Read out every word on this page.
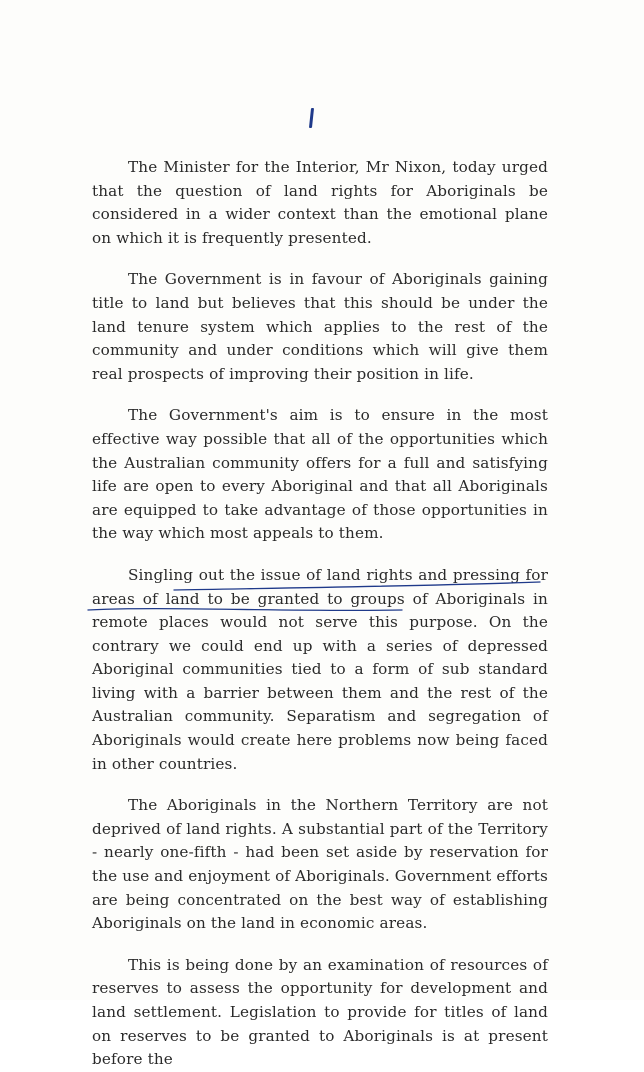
The Minister for the Interior, Mr Nixon, today urged that the question of land rights for Aboriginals be considered in a wider context than the emotional plane on which it is frequently presented.

The Government is in favour of Aboriginals gaining title to land but believes that this should be under the land tenure system which applies to the rest of the community and under conditions which will give them real prospects of improving their position in life.

The Government's aim is to ensure in the most effective way possible that all of the opportunities which the Australian community offers for a full and satisfying life are open to every Aboriginal and that all Aboriginals are equipped to take advantage of those opportunities in the way which most appeals to them.

Singling out the issue of land rights and pressing for areas of land to be granted to groups of Aboriginals in remote places would not serve this purpose. On the contrary we could end up with a series of depressed Aboriginal communities tied to a form of sub standard living with a barrier between them and the rest of the Australian community. Separatism and segregation of Aboriginals would create here problems now being faced in other countries.

The Aboriginals in the Northern Territory are not deprived of land rights. A substantial part of the Territory - nearly one-fifth - had been set aside by reservation for the use and enjoyment of Aboriginals. Government efforts are being concentrated on the best way of establishing Aboriginals on the land in economic areas.

This is being done by an examination of resources of reserves to assess the opportunity for development and land settlement. Legislation to provide for titles of land on reserves to be granted to Aboriginals is at present before the
